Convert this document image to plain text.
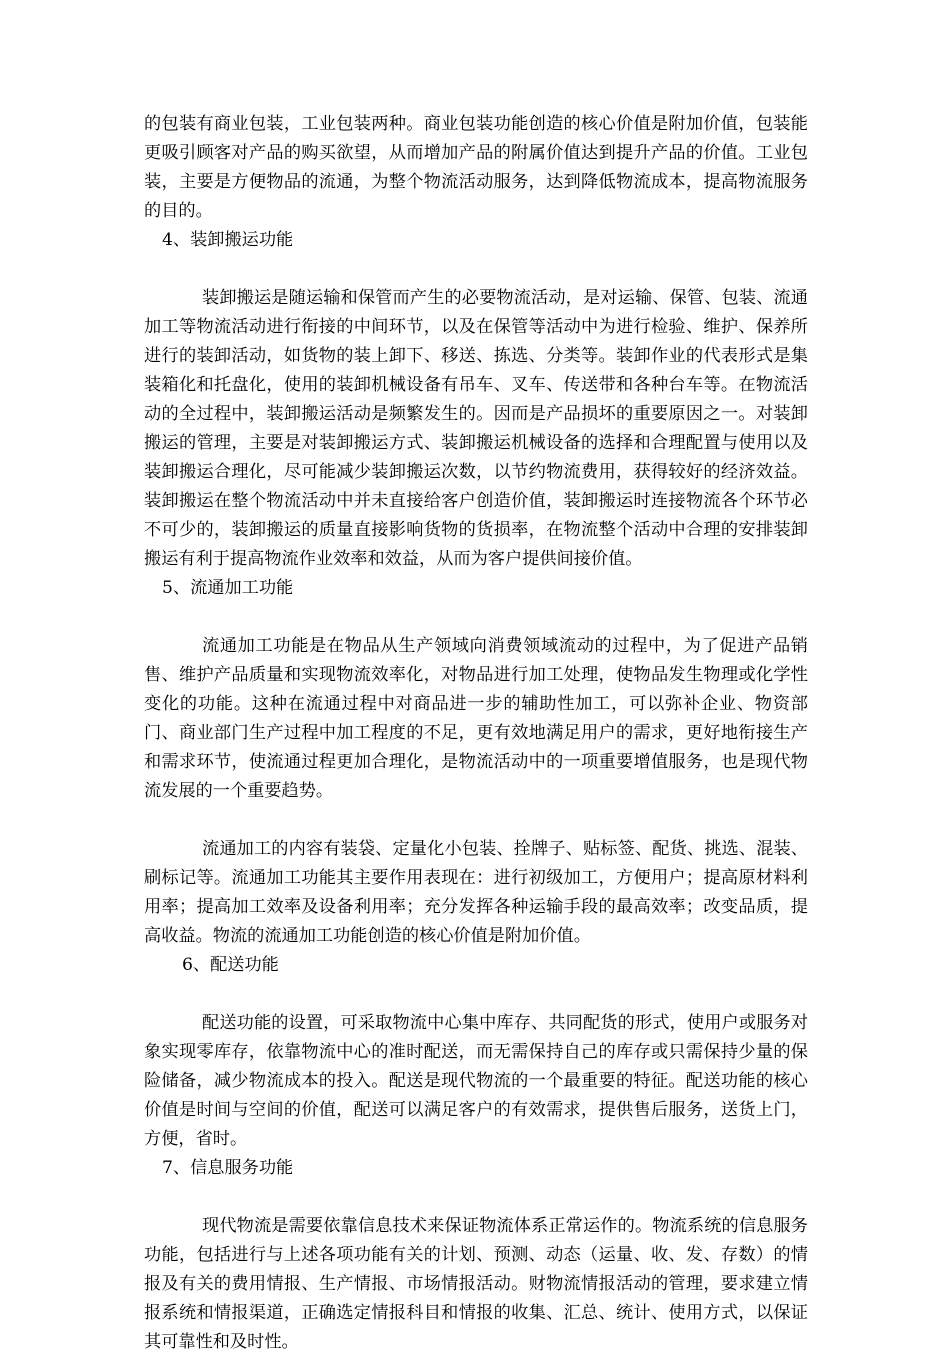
的包装有商业包装，工业包装两种。商业包装功能创造的核心价值是附加价值，包装能更吸引顾客对产品的购买欲望，从而增加产品的附属价值达到提升产品的价值。工业包装，主要是方便物品的流通，为整个物流活动服务，达到降低物流成本，提高物流服务的目的。

4、装卸搬运功能

装卸搬运是随运输和保管而产生的必要物流活动，是对运输、保管、包装、流通加工等物流活动进行衔接的中间环节，以及在保管等活动中为进行检验、维护、保养所进行的装卸活动，如货物的装上卸下、移送、拣选、分类等。装卸作业的代表形式是集装箱化和托盘化，使用的装卸机械设备有吊车、叉车、传送带和各种台车等。在物流活动的全过程中，装卸搬运活动是频繁发生的。因而是产品损坏的重要原因之一。对装卸搬运的管理，主要是对装卸搬运方式、装卸搬运机械设备的选择和合理配置与使用以及装卸搬运合理化，尽可能减少装卸搬运次数，以节约物流费用，获得较好的经济效益。装卸搬运在整个物流活动中并未直接给客户创造价值，装卸搬运时连接物流各个环节必不可少的，装卸搬运的质量直接影响货物的货损率，在物流整个活动中合理的安排装卸搬运有利于提高物流作业效率和效益，从而为客户提供间接价值。

5、流通加工功能

流通加工功能是在物品从生产领域向消费领域流动的过程中，为了促进产品销售、维护产品质量和实现物流效率化，对物品进行加工处理，使物品发生物理或化学性变化的功能。这种在流通过程中对商品进一步的辅助性加工，可以弥补企业、物资部门、商业部门生产过程中加工程度的不足，更有效地满足用户的需求，更好地衔接生产和需求环节，使流通过程更加合理化，是物流活动中的一项重要增值服务，也是现代物流发展的一个重要趋势。

流通加工的内容有装袋、定量化小包装、拴牌子、贴标签、配货、挑选、混装、刷标记等。流通加工功能其主要作用表现在：进行初级加工，方便用户；提高原材料利用率；提高加工效率及设备利用率；充分发挥各种运输手段的最高效率；改变品质，提高收益。物流的流通加工功能创造的核心价值是附加价值。

6、配送功能

配送功能的设置，可采取物流中心集中库存、共同配货的形式，使用户或服务对象实现零库存，依靠物流中心的准时配送，而无需保持自己的库存或只需保持少量的保险储备，减少物流成本的投入。配送是现代物流的一个最重要的特征。配送功能的核心价值是时间与空间的价值，配送可以满足客户的有效需求，提供售后服务，送货上门，方便，省时。

7、信息服务功能

现代物流是需要依靠信息技术来保证物流体系正常运作的。物流系统的信息服务功能，包括进行与上述各项功能有关的计划、预测、动态（运量、收、发、存数）的情报及有关的费用情报、生产情报、市场情报活动。财物流情报活动的管理，要求建立情报系统和情报渠道，正确选定情报科目和情报的收集、汇总、统计、使用方式，以保证其可靠性和及时性。
